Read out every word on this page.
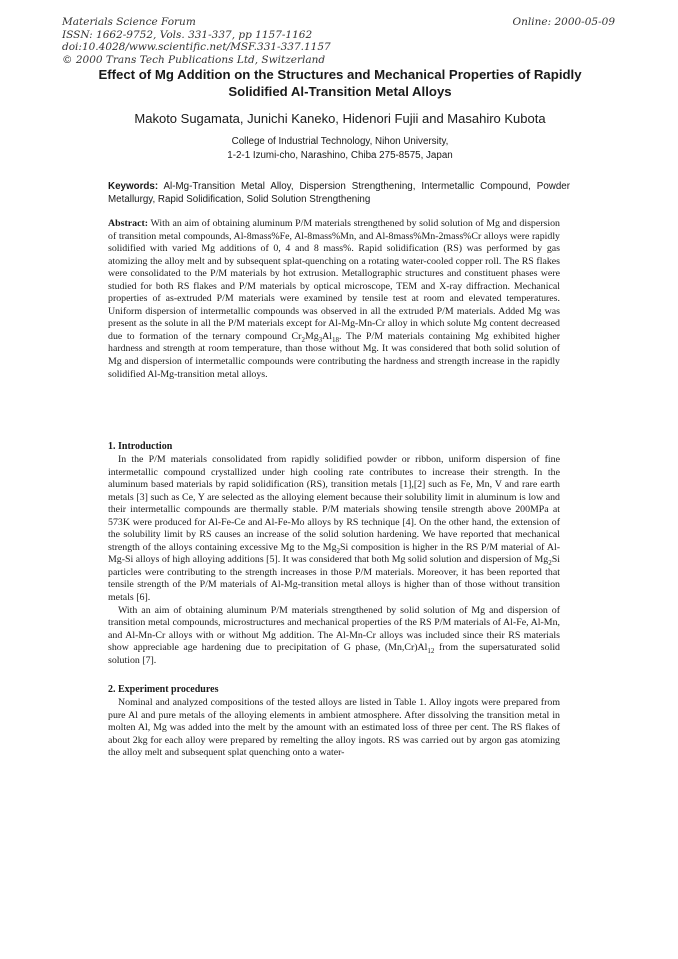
Materials Science Forum
ISSN: 1662-9752, Vols. 331-337, pp 1157-1162
doi:10.4028/www.scientific.net/MSF.331-337.1157
© 2000 Trans Tech Publications Ltd, Switzerland
Online: 2000-05-09
Effect of Mg Addition on the Structures and Mechanical Properties of Rapidly Solidified Al-Transition Metal Alloys
Makoto Sugamata, Junichi Kaneko, Hidenori Fujii and Masahiro Kubota
College of Industrial Technology, Nihon University,
1-2-1 Izumi-cho, Narashino, Chiba 275-8575, Japan
Keywords: Al-Mg-Transition Metal Alloy, Dispersion Strengthening, Intermetallic Compound, Powder Metallurgy, Rapid Solidification, Solid Solution Strengthening
Abstract: With an aim of obtaining aluminum P/M materials strengthened by solid solution of Mg and dispersion of transition metal compounds, Al-8mass%Fe, Al-8mass%Mn, and Al-8mass%Mn-2mass%Cr alloys were rapidly solidified with varied Mg additions of 0, 4 and 8 mass%. Rapid solidification (RS) was performed by gas atomizing the alloy melt and by subsequent splat-quenching on a rotating water-cooled copper roll. The RS flakes were consolidated to the P/M materials by hot extrusion. Metallographic structures and constituent phases were studied for both RS flakes and P/M materials by optical microscope, TEM and X-ray diffraction. Mechanical properties of as-extruded P/M materials were examined by tensile test at room and elevated temperatures. Uniform dispersion of intermetallic compounds was observed in all the extruded P/M materials. Added Mg was present as the solute in all the P/M materials except for Al-Mg-Mn-Cr alloy in which solute Mg content decreased due to formation of the ternary compound $Cr_2Mg_3Al_{18}$. The P/M materials containing Mg exhibited higher hardness and strength at room temperature, than those without Mg. It was considered that both solid solution of Mg and dispersion of intermetallic compounds were contributing the hardness and strength increase in the rapidly solidified Al-Mg-transition metal alloys.
1. Introduction

In the P/M materials consolidated from rapidly solidified powder or ribbon, uniform dispersion of fine intermetallic compound crystallized under high cooling rate contributes to increase their strength. In the aluminum based materials by rapid solidification (RS), transition metals [1],[2] such as Fe, Mn, V and rare earth metals [3] such as Ce, Y are selected as the alloying element because their solubility limit in aluminum is low and their intermetallic compounds are thermally stable. P/M materials showing tensile strength above 200MPa at 573K were produced for Al-Fe-Ce and Al-Fe-Mo alloys by RS technique [4]. On the other hand, the extension of the solubility limit by RS causes an increase of the solid solution hardening. We have reported that mechanical strength of the alloys containing excessive Mg to the $Mg_2Si$ composition is higher in the RS P/M material of Al-Mg-Si alloys of high alloying additions [5]. It was considered that both Mg solid solution and dispersion of $Mg_2Si$ particles were contributing to the strength increases in those P/M materials. Moreover, it has been reported that tensile strength of the P/M materials of Al-Mg-transition metal alloys is higher than of those without transition metals [6].

With an aim of obtaining aluminum P/M materials strengthened by solid solution of Mg and dispersion of transition metal compounds, microstructures and mechanical properties of the RS P/M materials of Al-Fe, Al-Mn, and Al-Mn-Cr alloys with or without Mg addition. The Al-Mn-Cr alloys was included since their RS materials show appreciable age hardening due to precipitation of G phase, $(Mn,Cr)Al_{12}$ from the supersaturated solid solution [7].

2. Experiment procedures

Nominal and analyzed compositions of the tested alloys are listed in Table 1. Alloy ingots were prepared from pure Al and pure metals of the alloying elements in ambient atmosphere. After dissolving the transition metal in molten Al, Mg was added into the melt by the amount with an estimated loss of three per cent. The RS flakes of about 2kg for each alloy were prepared by remelting the alloy ingots. RS was carried out by argon gas atomizing the alloy melt and subsequent splat quenching onto a water-
